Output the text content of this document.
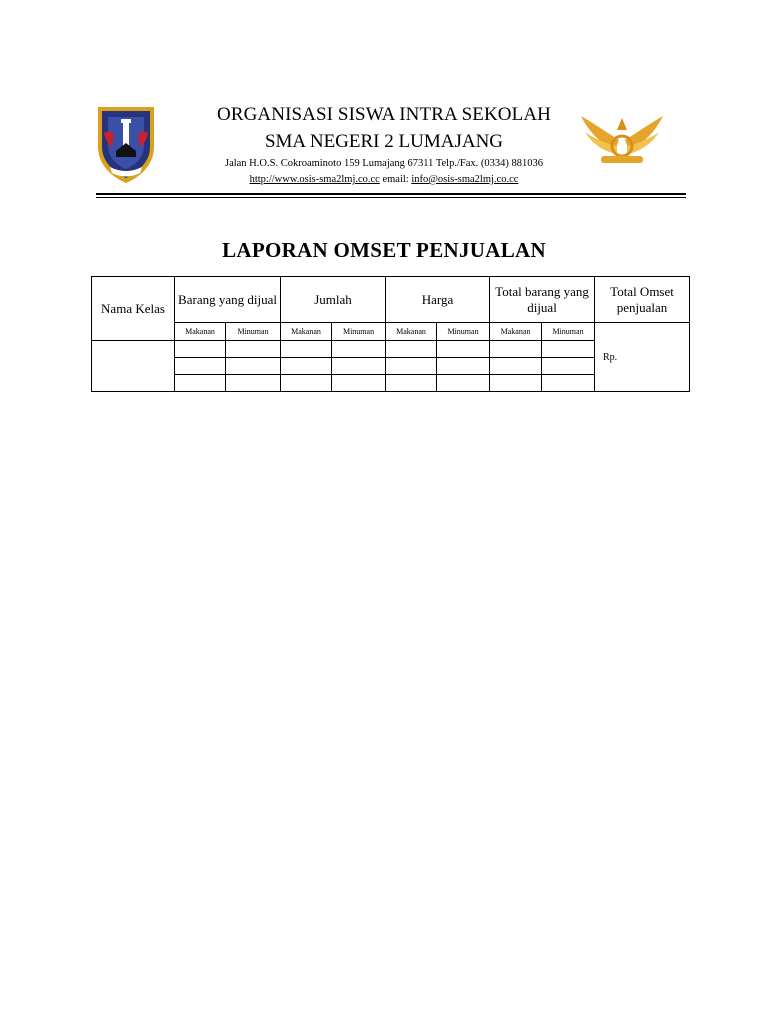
ORGANISASI SISWA INTRA SEKOLAH
SMA NEGERI 2 LUMAJANG
Jalan H.O.S. Cokroaminoto 159 Lumajang 67311 Telp./Fax. (0334) 881036
http://www.osis-sma2lmj.co.cc email: info@osis-sma2lmj.co.cc
LAPORAN OMSET PENJUALAN
Nama Kelas	Barang yang dijual		Jumlah		Harga		Total barang yang dijual		Total Omset penjualan
	Makanan	Minuman	Makanan	Minuman	Makanan	Minuman	Makanan	Minuman	Rp.
